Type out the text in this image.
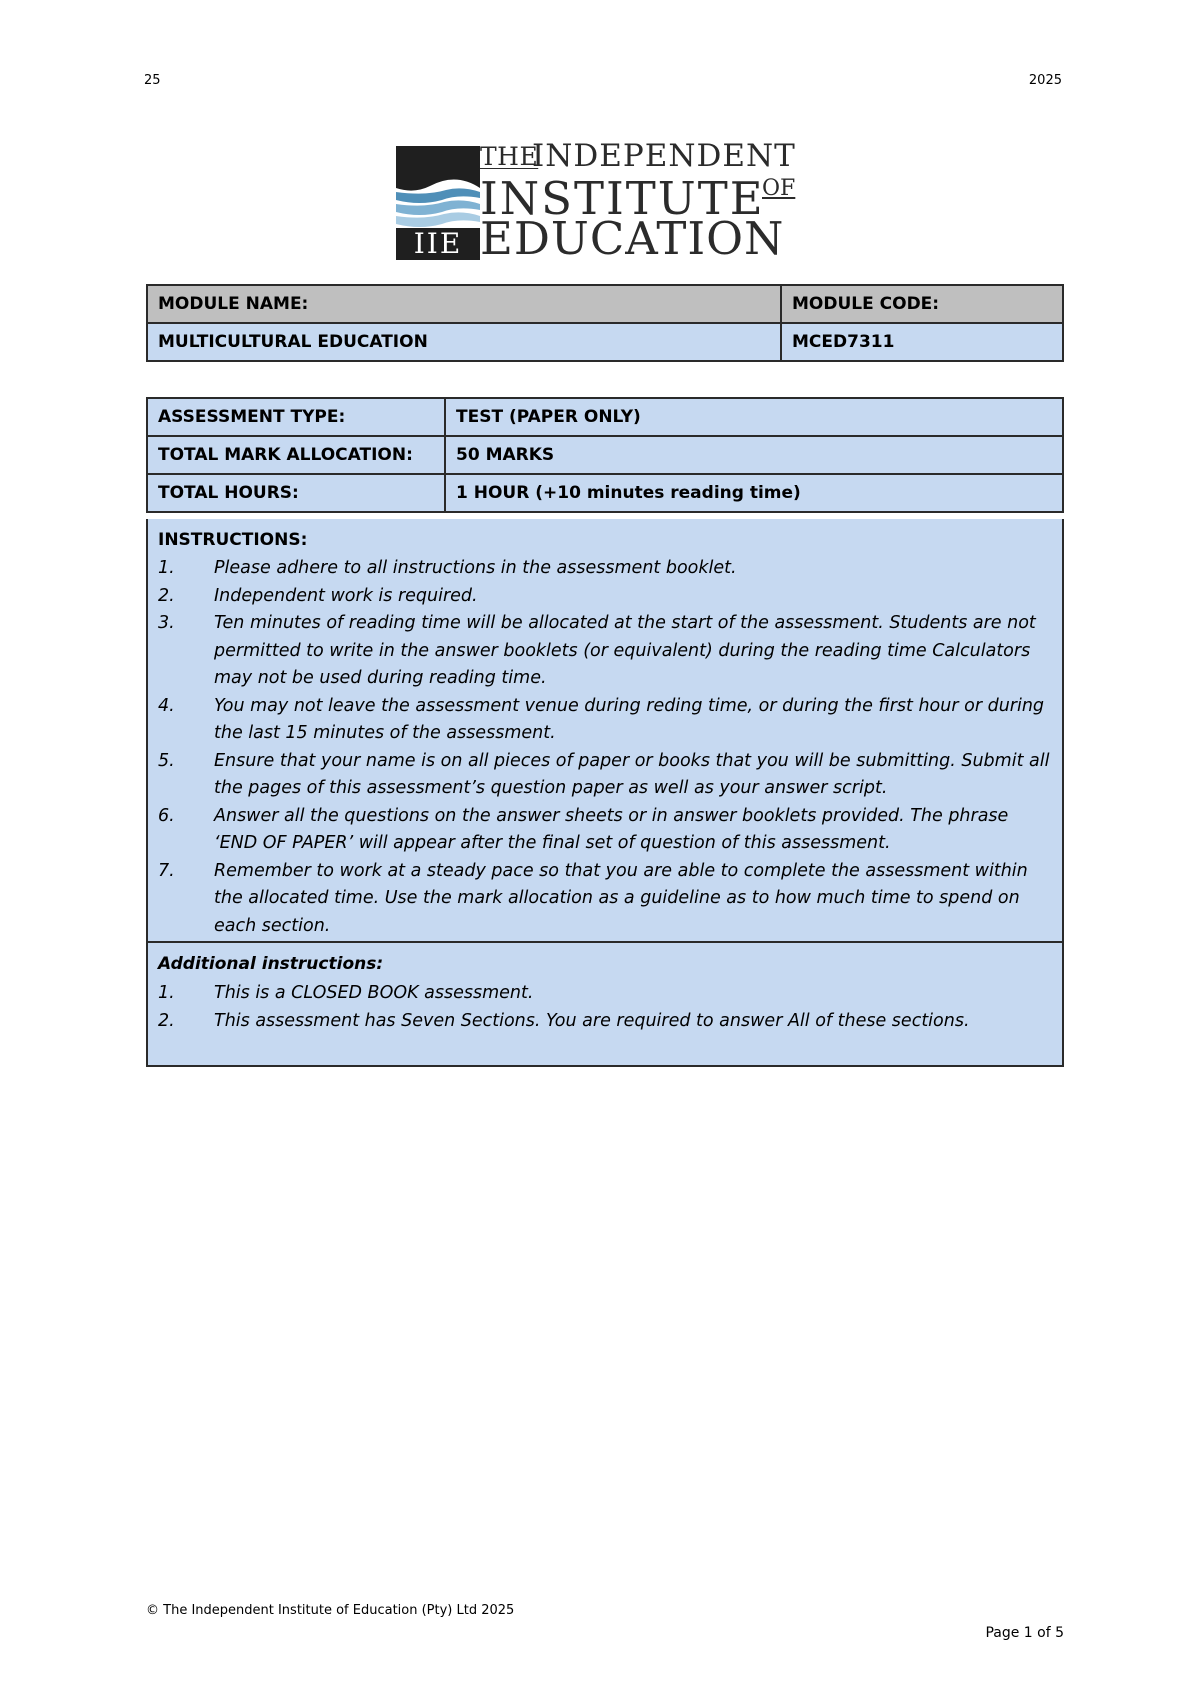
25	2025
IIE
THE
INDEPENDENT
INSTITUTE
OF
EDUCATION
MODULE NAME:	MODULE CODE:
MULTICULTURAL EDUCATION	MCED7311
ASSESSMENT TYPE:	TEST (PAPER ONLY)
TOTAL MARK ALLOCATION:	50 MARKS
TOTAL HOURS:	1 HOUR (+10 minutes reading time)
INSTRUCTIONS:
1.	Please adhere to all instructions in the assessment booklet.
2.	Independent work is required.
3.	Ten minutes of reading time will be allocated at the start of the assessment. Students are not permitted to write in the answer booklets (or equivalent) during the reading time Calculators may not be used during reading time.
4.	You may not leave the assessment venue during reding time, or during the first hour or during the last 15 minutes of the assessment.
5.	Ensure that your name is on all pieces of paper or books that you will be submitting. Submit all the pages of this assessment’s question paper as well as your answer script.
6.	Answer all the questions on the answer sheets or in answer booklets provided. The phrase ‘END OF PAPER’ will appear after the final set of question of this assessment.
7.	Remember to work at a steady pace so that you are able to complete the assessment within the allocated time. Use the mark allocation as a guideline as to how much time to spend on each section.
Additional instructions:
1.	This is a CLOSED BOOK assessment.
2.	This assessment has Seven Sections. You are required to answer All of these sections.
© The Independent Institute of Education (Pty) Ltd 2025
Page 1 of 5
